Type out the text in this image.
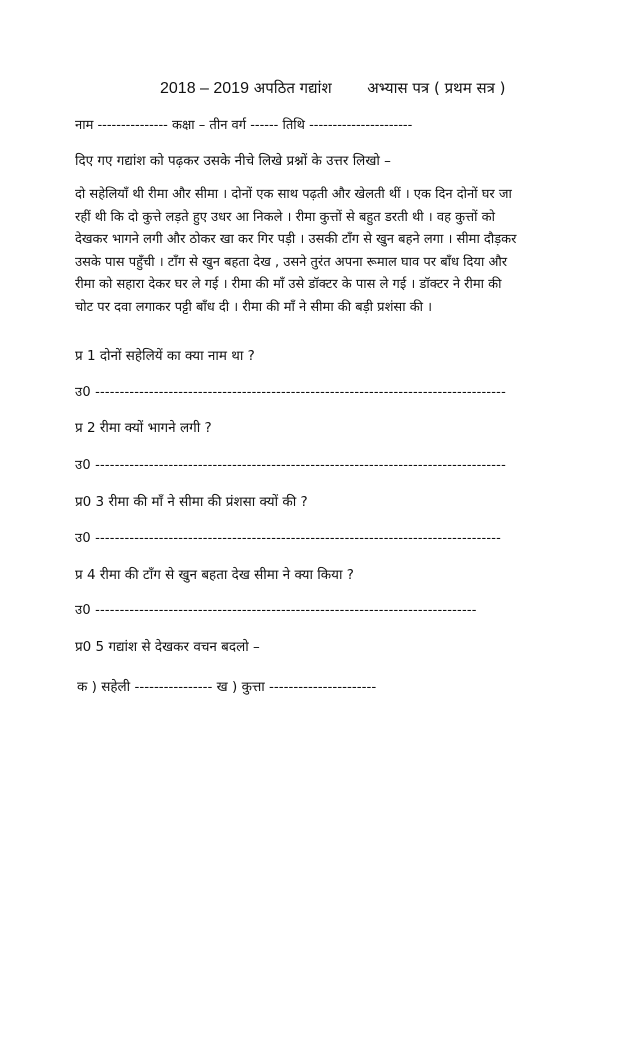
2018 – 2019 अपठित गद्यांश अभ्यास पत्र ( प्रथम सत्र )
नाम --------------- कक्षा – तीन वर्ग ------ तिथि ----------------------
दिए गए गद्यांश को पढ़कर उसके नीचे लिखे प्रश्नों के उत्तर लिखो –
दो सहेलियाँ थी रीमा और सीमा । दोनों एक साथ पढ़ती और खेलती थीं । एक दिन दोनों घर जा
रहीं थी कि दो कुत्ते लड़ते हुए उधर आ निकले । रीमा कुत्तों से बहुत डरती थी । वह कुत्तों को
देखकर भागने लगी और ठोकर खा कर गिर पड़ी । उसकी टाँग से खुन बहने लगा । सीमा दौड़कर
उसके पास पहुँची । टाँग से खुन बहता देख , उसने तुरंत अपना रूमाल घाव पर बाँध दिया और
रीमा को सहारा देकर घर ले गई । रीमा की माँ उसे डॉक्टर के पास ले गई । डॉक्टर ने रीमा की
चोट पर दवा लगाकर पट्टी बाँध दी । रीमा की माँ ने सीमा की बड़ी प्रशंसा की ।
प्र 1 दोनों सहेलियें का क्या नाम था ?
उ0 ------------------------------------------------------------------------------------
प्र 2 रीमा क्यों भागने लगी ?
उ0 ------------------------------------------------------------------------------------
प्र0 3 रीमा की माँ ने सीमा की प्रंशसा क्यों की ?
उ0 -----------------------------------------------------------------------------------
प्र 4 रीमा की टाँग से खुन बहता देख सीमा ने क्या किया ?
उ0 ------------------------------------------------------------------------------
प्र0 5 गद्यांश से देखकर वचन बदलो –
क ) सहेली ---------------- ख ) कुत्ता ----------------------
